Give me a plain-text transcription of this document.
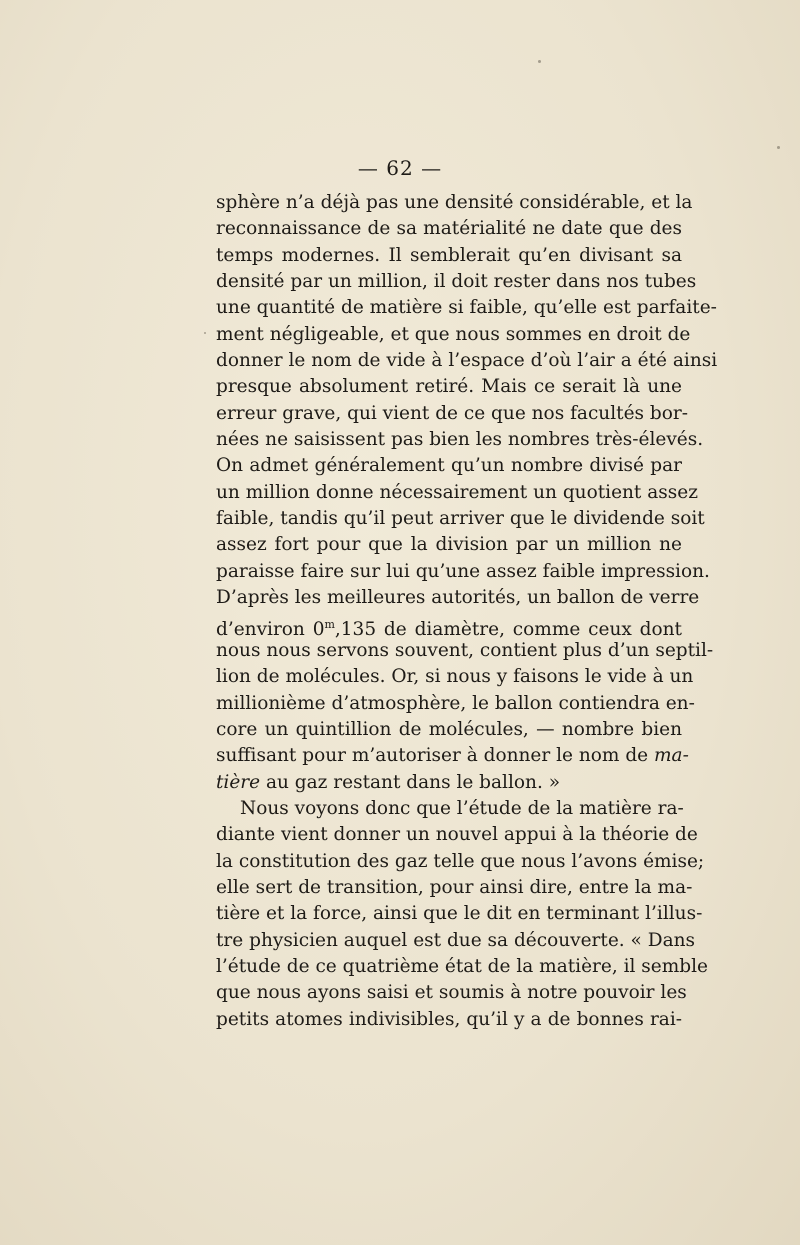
— 62 —
sphère n’a déjà pas une densité considérable, et la
reconnaissance de sa matérialité ne date que des
temps modernes. Il semblerait qu’en divisant sa
densité par un million, il doit rester dans nos tubes
une quantité de matière si faible, qu’elle est parfaite-
ment négligeable, et que nous sommes en droit de
donner le nom de vide à l’espace d’où l’air a été ainsi
presque absolument retiré. Mais ce serait là une
erreur grave, qui vient de ce que nos facultés bor-
nées ne saisissent pas bien les nombres très-élevés.
On admet généralement qu’un nombre divisé par
un million donne nécessairement un quotient assez
faible, tandis qu’il peut arriver que le dividende soit
assez fort pour que la division par un million ne
paraisse faire sur lui qu’une assez faible impression.
D’après les meilleures autorités, un ballon de verre
d’environ 0$^m$,135 de diamètre, comme ceux dont
nous nous servons souvent, contient plus d’un septil-
lion de molécules. Or, si nous y faisons le vide à un
millionième d’atmosphère, le ballon contiendra en-
core un quintillion de molécules, — nombre bien
suffisant pour m’autoriser à donner le nom de ma-
tière au gaz restant dans le ballon. »
Nous voyons donc que l’étude de la matière ra-
diante vient donner un nouvel appui à la théorie de
la constitution des gaz telle que nous l’avons émise;
elle sert de transition, pour ainsi dire, entre la ma-
tière et la force, ainsi que le dit en terminant l’illus-
tre physicien auquel est due sa découverte. « Dans
l’étude de ce quatrième état de la matière, il semble
que nous ayons saisi et soumis à notre pouvoir les
petits atomes indivisibles, qu’il y a de bonnes rai-
